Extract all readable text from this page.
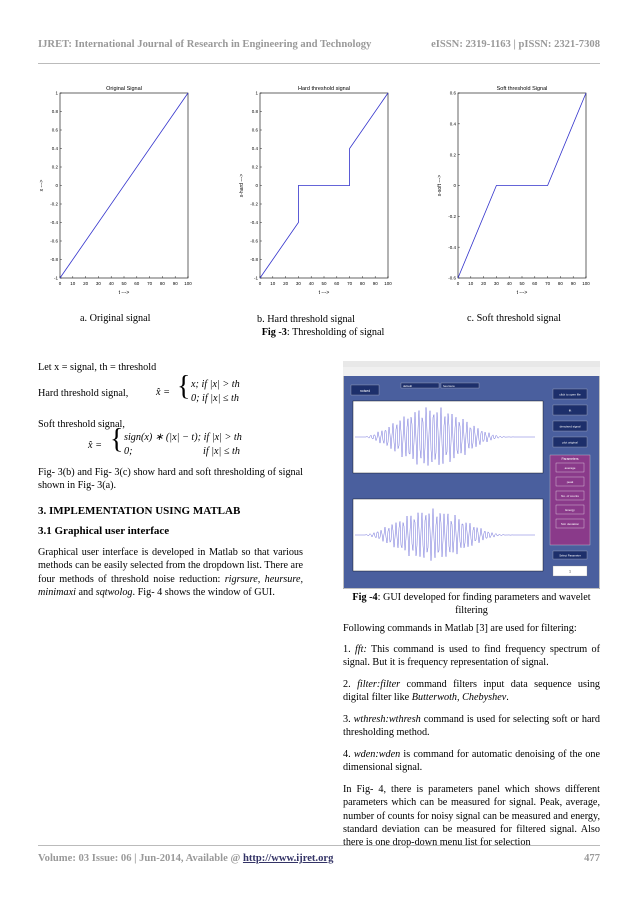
IJRET: International Journal of Research in Engineering and Technology	eISSN: 2319-1163 | pISSN: 2321-7308
Original Signal
0 10 20 30 40 50 60 70 80 90 100
-1
-0.8
-0.6
-0.4
-0.2
0
0.2
0.4
0.6
0.8
1
t --->
x --->
Hard threshold signal
0 10 20 30 40 50 60 70 80 90 100
-1
-0.8
-0.6
-0.4
-0.2
0
0.2
0.4
0.6
0.8
1
t --->
x-hard --->
Soft threshold Signal
0 10 20 30 40 50 60 70 80 90 100
-0.6
-0.4
-0.2
0
0.2
0.4
0.6
t --->
x-soft --->
a. Original signal	b. Hard threshold signal	c. Soft threshold signal
Fig -3: Thresholding of signal
Let x = signal, th = threshold
Hard threshold signal,	x̂ = { x; if |x| > th
0; if |x| ≤ th
Soft threshold signal,
x̂ = { sign(x) ∗ (|x| − t); if |x| > th
0;	if |x| ≤ th
Fig- 3(b) and Fig- 3(c) show hard and soft thresholding of signal shown in Fig- 3(a).
3. IMPLEMENTATION USING MATLAB
3.1 Graphical user interface
Graphical user interface is developed in Matlab so that various methods can be easily selected from the dropdown list. There are four methods of threshold noise reduction: rigrsure, heursure, minimaxi and sqtwolog. Fig- 4 shows the window of GUI.
noised
default	heursure
click to open file
fft
denoised signal
plot original
Parameters
average
peak
No. of counts
Energy
Std. deviation
Select Parameter
1
Fig -4: GUI developed for finding parameters and wavelet filtering
Following commands in Matlab [3] are used for filtering:
1. fft: This command is used to find frequency spectrum of signal. But it is frequency representation of signal.
2. filter:filter command filters input data sequence using digital filter like Butterwoth, Chebyshev.
3. wthresh:wthresh command is used for selecting soft or hard thresholding method.
4. wden:wden is command for automatic denoising of the one dimensional signal.
In Fig- 4, there is parameters panel which shows different parameters which can be measured for signal. Peak, average, number of counts for noisy signal can be measured and energy, standard deviation can be measured for filtered signal. Also there is one drop-down menu list for selection
Volume: 03 Issue: 06 | Jun-2014, Available @ http://www.ijret.org	477
